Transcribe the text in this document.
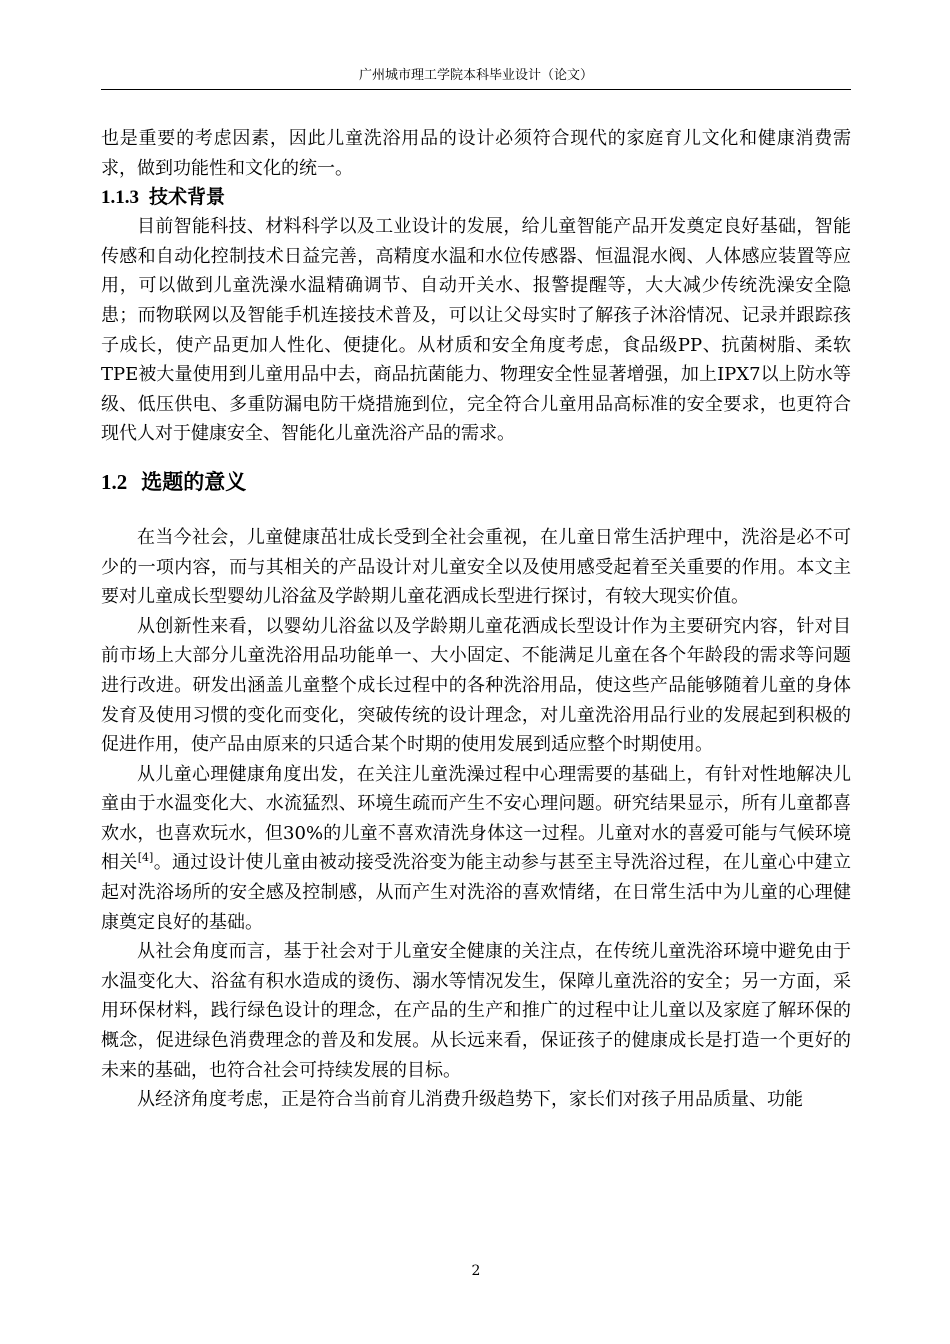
广州城市理工学院本科毕业设计（论文）

也是重要的考虑因素，因此儿童洗浴用品的设计必须符合现代的家庭育儿文化和健康消费需求，做到功能性和文化的统一。

1.1.3 技术背景

目前智能科技、材料科学以及工业设计的发展，给儿童智能产品开发奠定良好基础，智能传感和自动化控制技术日益完善，高精度水温和水位传感器、恒温混水阀、人体感应装置等应用，可以做到儿童洗澡水温精确调节、自动开关水、报警提醒等，大大减少传统洗澡安全隐患；而物联网以及智能手机连接技术普及，可以让父母实时了解孩子沐浴情况、记录并跟踪孩子成长，使产品更加人性化、便捷化。从材质和安全角度考虑，食品级PP、抗菌树脂、柔软TPE被大量使用到儿童用品中去，商品抗菌能力、物理安全性显著增强，加上IPX7以上防水等级、低压供电、多重防漏电防干烧措施到位，完全符合儿童用品高标准的安全要求，也更符合现代人对于健康安全、智能化儿童洗浴产品的需求。

1.2 选题的意义

在当今社会，儿童健康茁壮成长受到全社会重视，在儿童日常生活护理中，洗浴是必不可少的一项内容，而与其相关的产品设计对儿童安全以及使用感受起着至关重要的作用。本文主要对儿童成长型婴幼儿浴盆及学龄期儿童花洒成长型进行探讨，有较大现实价值。

从创新性来看，以婴幼儿浴盆以及学龄期儿童花洒成长型设计作为主要研究内容，针对目前市场上大部分儿童洗浴用品功能单一、大小固定、不能满足儿童在各个年龄段的需求等问题进行改进。研发出涵盖儿童整个成长过程中的各种洗浴用品，使这些产品能够随着儿童的身体发育及使用习惯的变化而变化，突破传统的设计理念，对儿童洗浴用品行业的发展起到积极的促进作用，使产品由原来的只适合某个时期的使用发展到适应整个时期使用。

从儿童心理健康角度出发，在关注儿童洗澡过程中心理需要的基础上，有针对性地解决儿童由于水温变化大、水流猛烈、环境生疏而产生不安心理问题。研究结果显示，所有儿童都喜欢水，也喜欢玩水，但30%的儿童不喜欢清洗身体这一过程。儿童对水的喜爱可能与气候环境相关[4]。通过设计使儿童由被动接受洗浴变为能主动参与甚至主导洗浴过程，在儿童心中建立起对洗浴场所的安全感及控制感，从而产生对洗浴的喜欢情绪，在日常生活中为儿童的心理健康奠定良好的基础。

从社会角度而言，基于社会对于儿童安全健康的关注点，在传统儿童洗浴环境中避免由于水温变化大、浴盆有积水造成的烫伤、溺水等情况发生，保障儿童洗浴的安全；另一方面，采用环保材料，践行绿色设计的理念，在产品的生产和推广的过程中让儿童以及家庭了解环保的概念，促进绿色消费理念的普及和发展。从长远来看，保证孩子的健康成长是打造一个更好的未来的基础，也符合社会可持续发展的目标。

从经济角度考虑，正是符合当前育儿消费升级趋势下，家长们对孩子用品质量、功能

2
